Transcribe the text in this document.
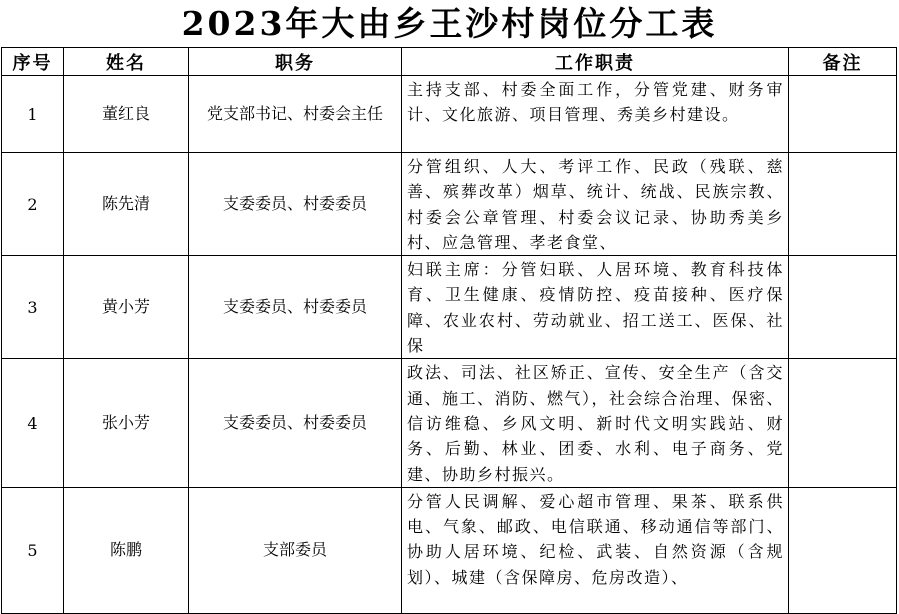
2023年大由乡王沙村岗位分工表
序号	姓名	职务	工作职责	备注
1	董红良	党支部书记、村委会主任	主持支部、村委全面工作，分管党建、财务审计、文化旅游、项目管理、秀美乡村建设。	
2	陈先清	支委委员、村委委员	分管组织、人大、考评工作、民政（残联、慈善、殡葬改革）烟草、统计、统战、民族宗教、村委会公章管理、村委会议记录、协助秀美乡村、应急管理、孝老食堂、	
3	黄小芳	支委委员、村委委员	妇联主席：分管妇联、人居环境、教育科技体育、卫生健康、疫情防控、疫苗接种、医疗保障、农业农村、劳动就业、招工送工、医保、社保	
4	张小芳	支委委员、村委委员	政法、司法、社区矫正、宣传、安全生产（含交通、施工、消防、燃气），社会综合治理、保密、信访维稳、乡风文明、新时代文明实践站、财务、后勤、林业、团委、水利、电子商务、党建、协助乡村振兴。	
5	陈鹏	支部委员	分管人民调解、爱心超市管理、果茶、联系供电、气象、邮政、电信联通、移动通信等部门、协助人居环境、纪检、武装、自然资源（含规划）、城建（含保障房、危房改造）、	
